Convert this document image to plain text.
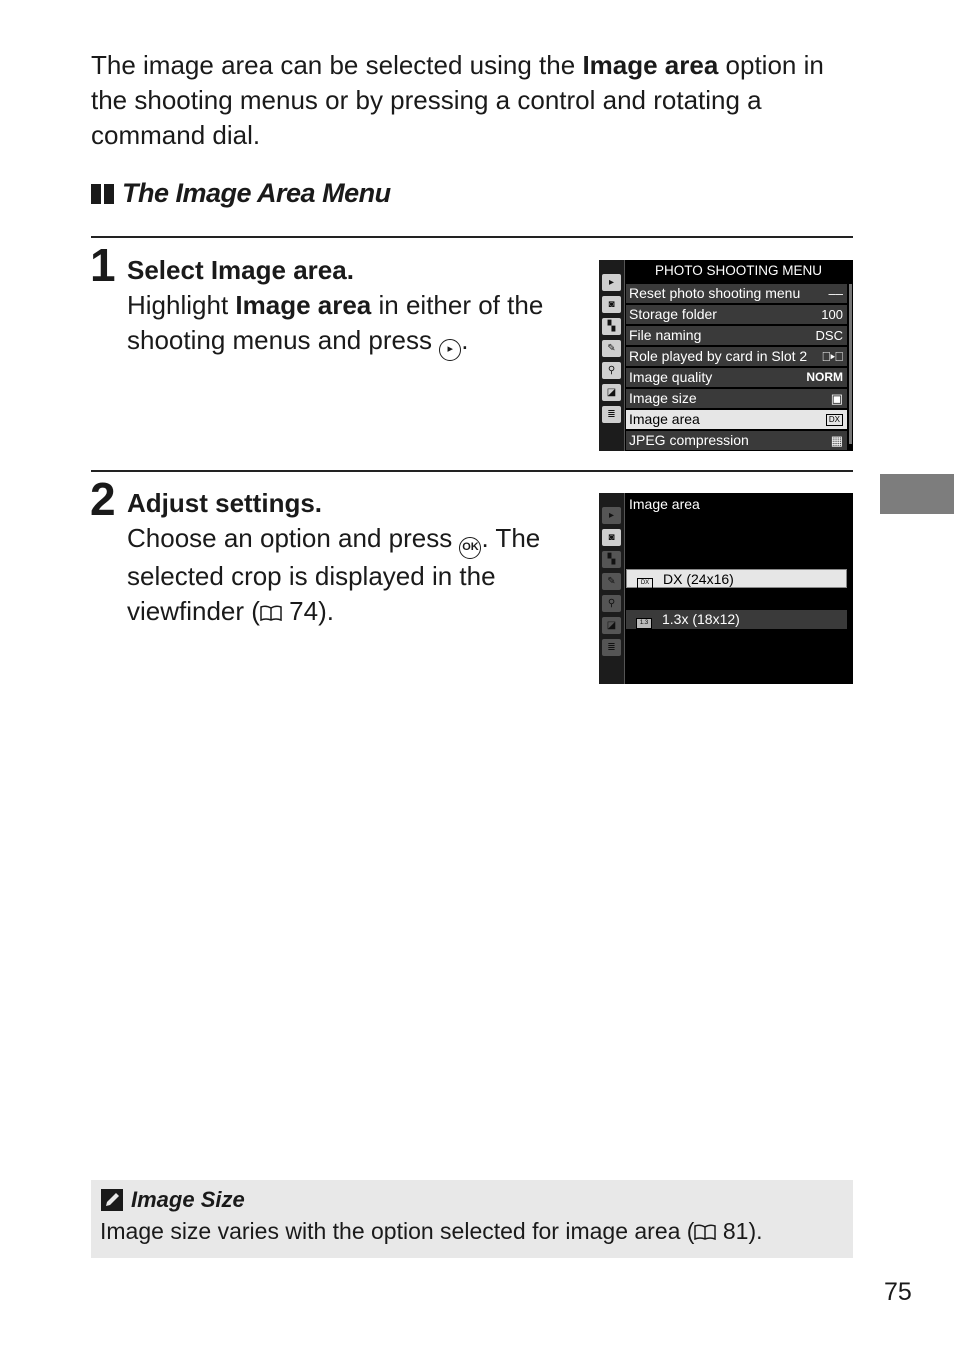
The image area can be selected using the Image area option in the shooting menus or by pressing a control and rotating a command dial.
The Image Area Menu
1 Select Image area.
Highlight Image area in either of the shooting menus and press ▸ .
▸
◙
▚
✎
⚲
◪
≣
PHOTO SHOOTING MENU
Reset photo shooting menu ––
Storage folder	100
File naming	DSC
Role played by card in Slot 2 ⎕▸⎕
Image quality	NORM
Image size	▣
Image area	DX
JPEG compression	▦
2 Adjust settings.
Choose an option and press OK . The selected crop is displayed in the viewfinder ( 74).
▸
◙
▚
✎
⚲
◪
≣
Image area
DX DX (24x16)
1.3 1.3x (18x12)
Image Size
Image size varies with the option selected for image area ( 81).
75
